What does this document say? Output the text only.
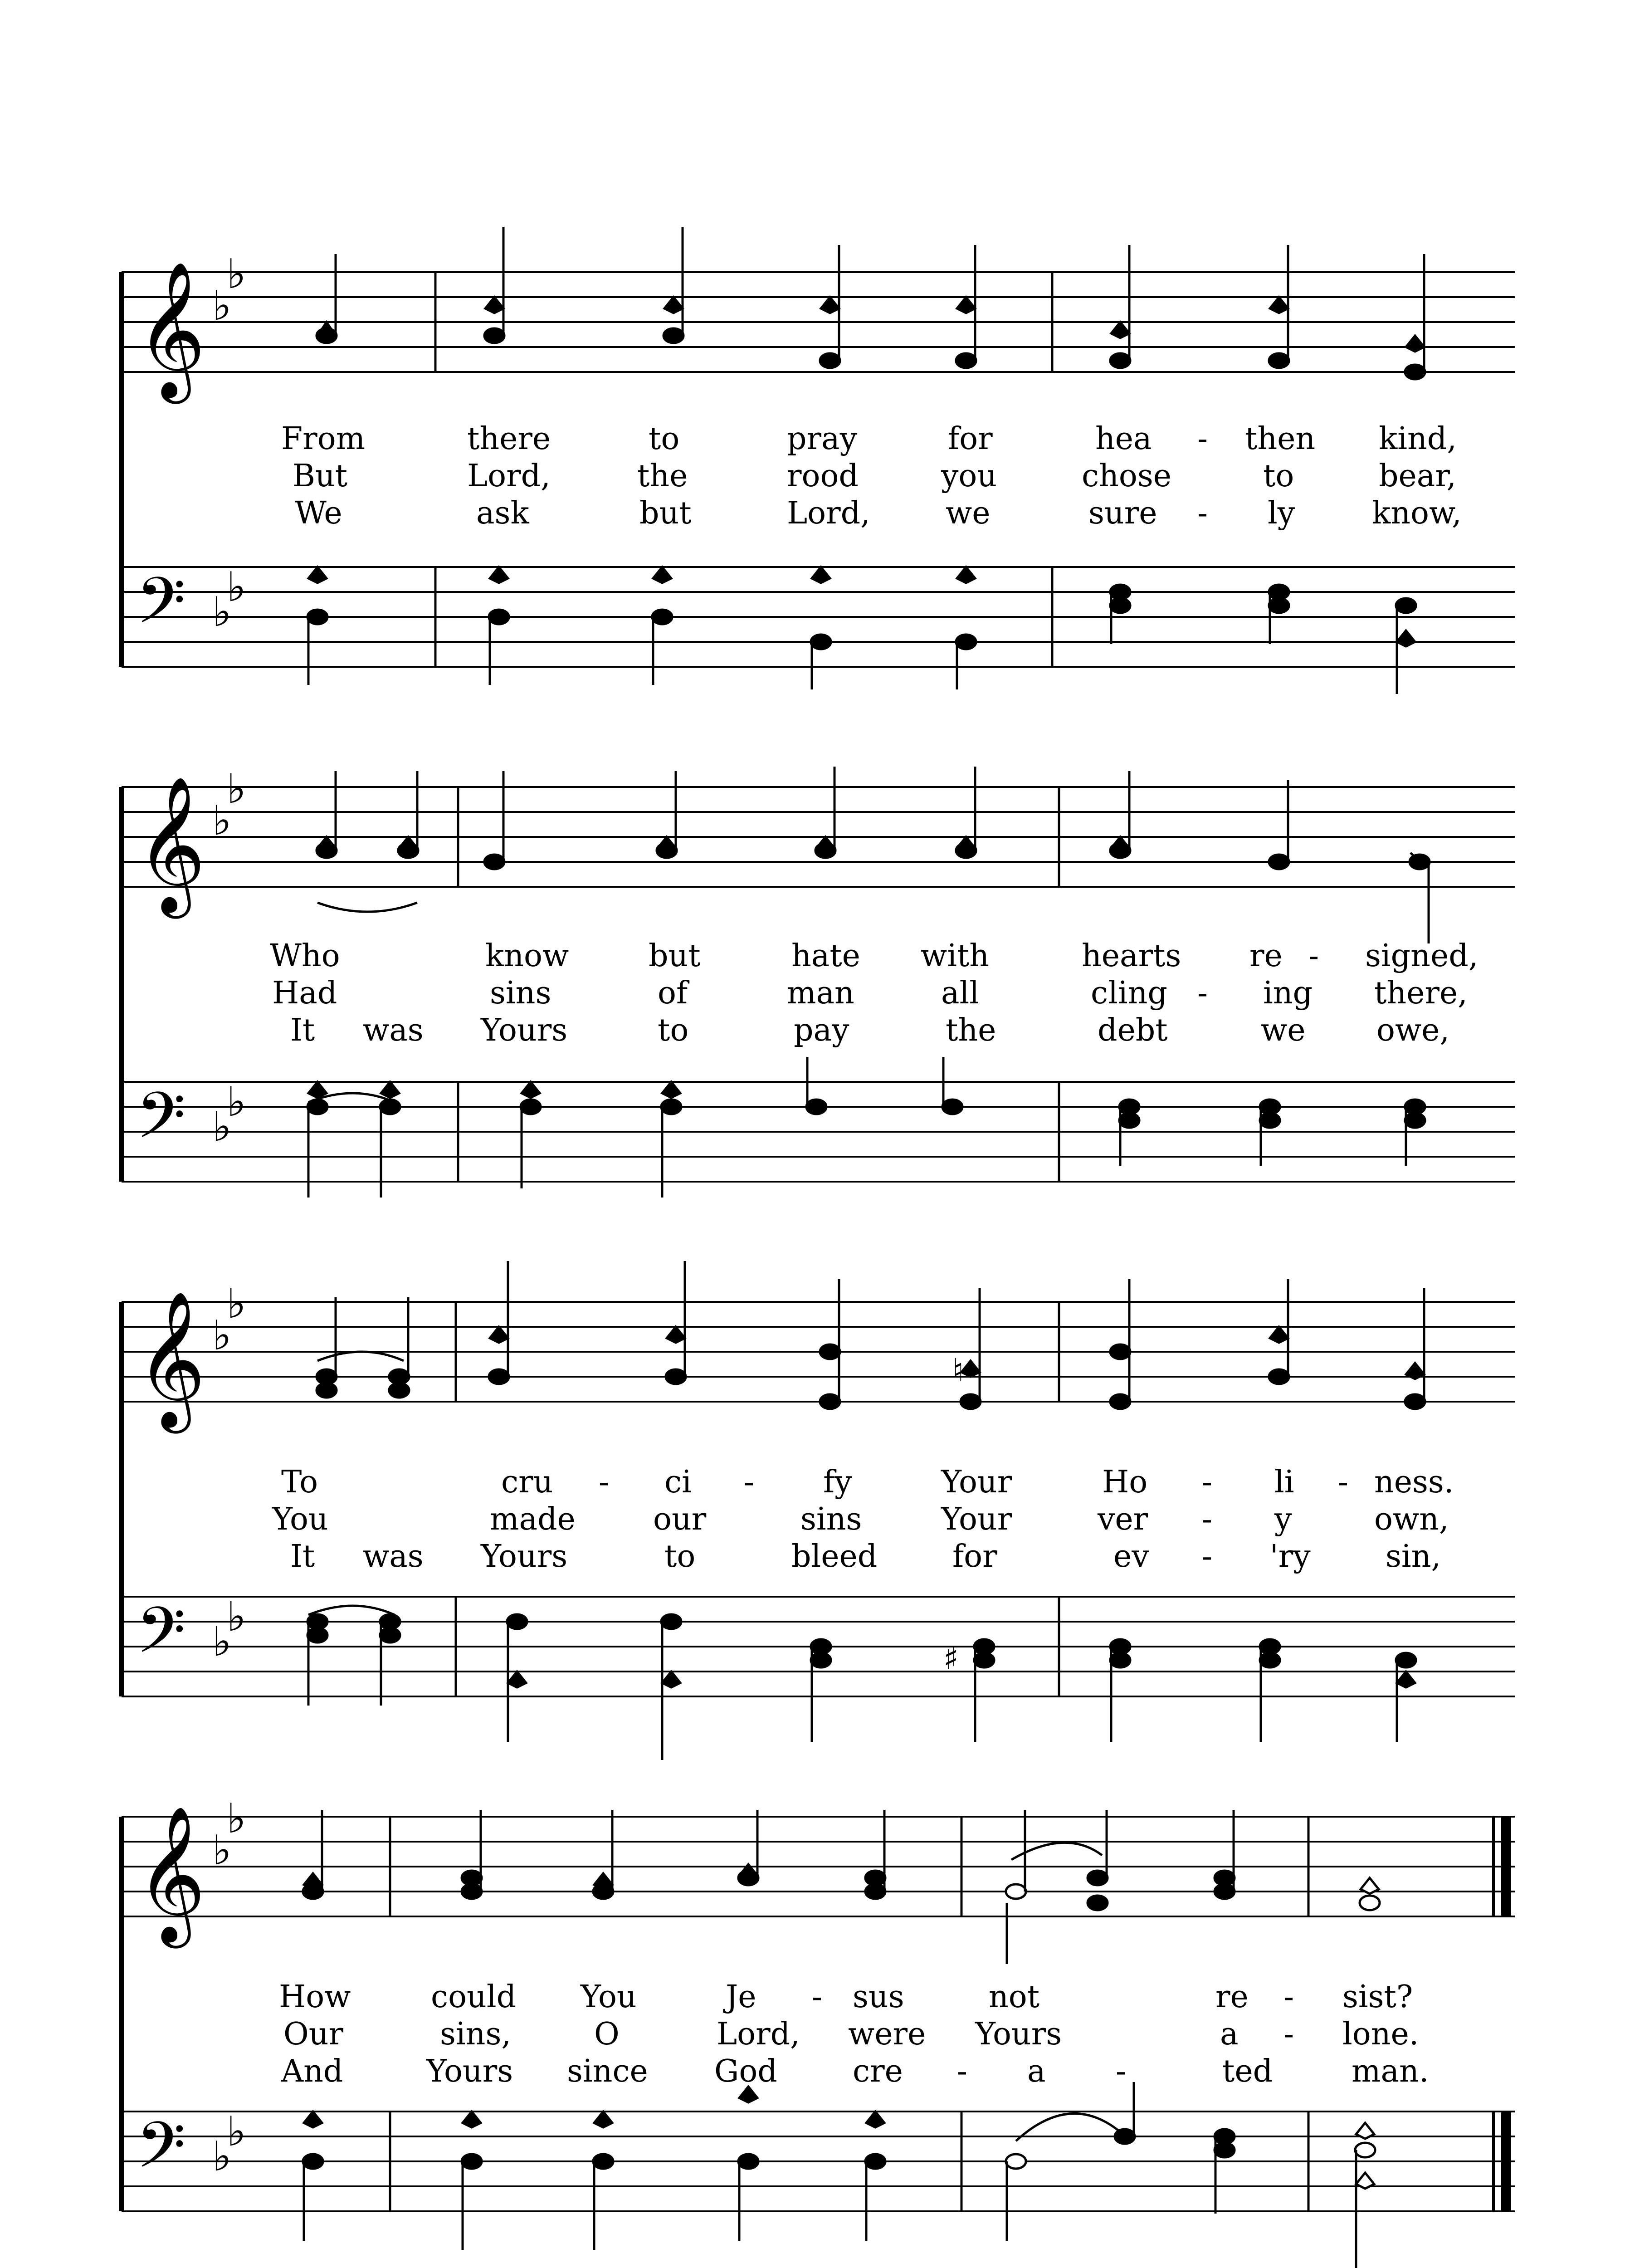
𝄞 ♭
♭
𝄢 ♭
♭
From	there	to	pray	for	hea - then kind,
But	Lord,	the	rood	you	chose	to	bear,
We	ask	but	Lord, we	sure - ly know,
𝄞 ♭
♭
𝄢 ♭
♭
Who	know	but	hate with	hearts re - signed,
Had	sins	of	man	all	cling - ing there,
It was Yours	to	pay	the	debt	we owe,
𝄞 ♭
♭
𝄢 ♭
♭
♮
♯
To	cru - ci - fy	Your	Ho - li - ness.
You	made	our	sins	Your	ver - y	own,
It was Yours	to	bleed for	ev - 'ry sin,
𝄞 ♭
♭
𝄢 ♭
♭
How	could You	Je - sus	not	re - sist?
Our	sins,	O	Lord, were Yours	a - lone.
And	Yours since God cre - a -	ted	man.
